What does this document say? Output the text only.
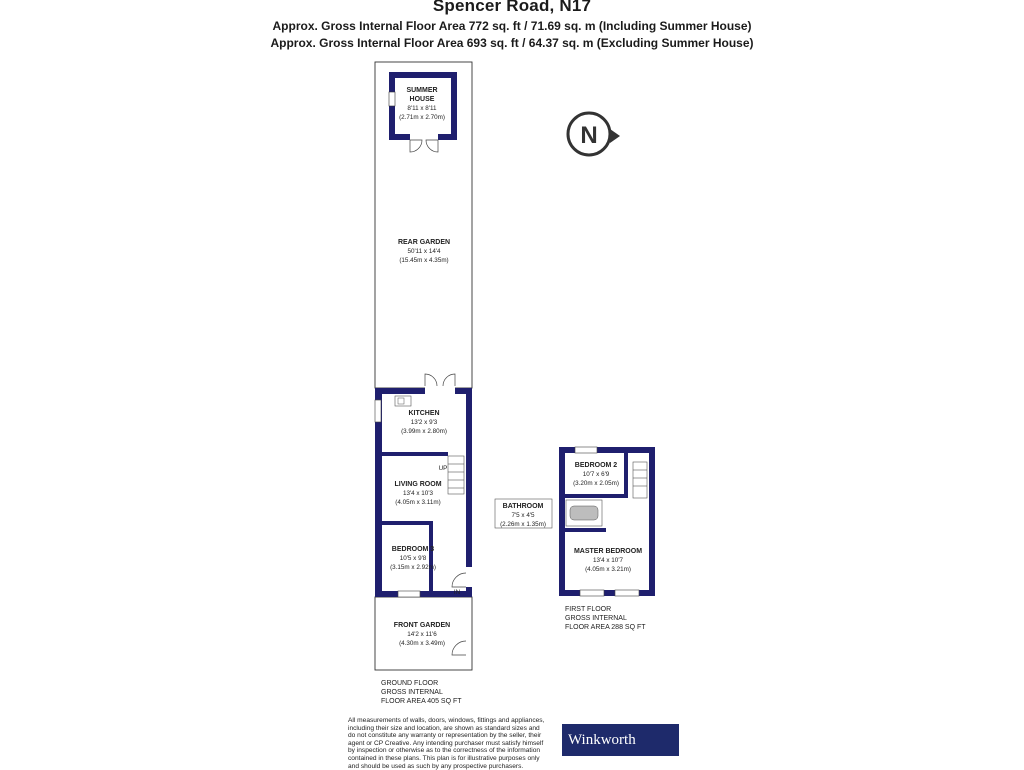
Spencer Road, N17
Approx. Gross Internal Floor Area 772 sq. ft / 71.69 sq. m (Including Summer House)
Approx. Gross Internal Floor Area 693 sq. ft / 64.37 sq. m (Excluding Summer House)
SUMMER
HOUSE
8'11 x 8'11
(2.71m x 2.70m)
REAR GARDEN
50'11 x 14'4
(15.45m x 4.35m)
KITCHEN
13'2 x 9'3
(3.99m x 2.80m)
LIVING ROOM
13'4 x 10'3
(4.05m x 3.11m)
BEDROOM 3
10'5 x 9'8
(3.15m x 2.92m)
FRONT GARDEN
14'2 x 11'6
(4.30m x 3.49m)
UP
IN
GROUND FLOOR
GROSS INTERNAL
FLOOR AREA 405 SQ FT
N
BEDROOM 2
10'7 x 6'9
(3.20m x 2.05m)
BATHROOM
7'5 x 4'5
(2.26m x 1.35m)
MASTER BEDROOM
13'4 x 10'7
(4.05m x 3.21m)
FIRST FLOOR
GROSS INTERNAL
FLOOR AREA 288 SQ FT
All measurements of walls, doors, windows, fittings and appliances, including their size and location, are shown as standard sizes and do not constitute any warranty or representation by the seller, their agent or CP Creative. Any intending purchaser must satisfy himself by inspection or otherwise as to the correctness of the information contained in these plans. This plan is for illustrative purposes only and should be used as such by any prospective purchasers.
Winkworth
